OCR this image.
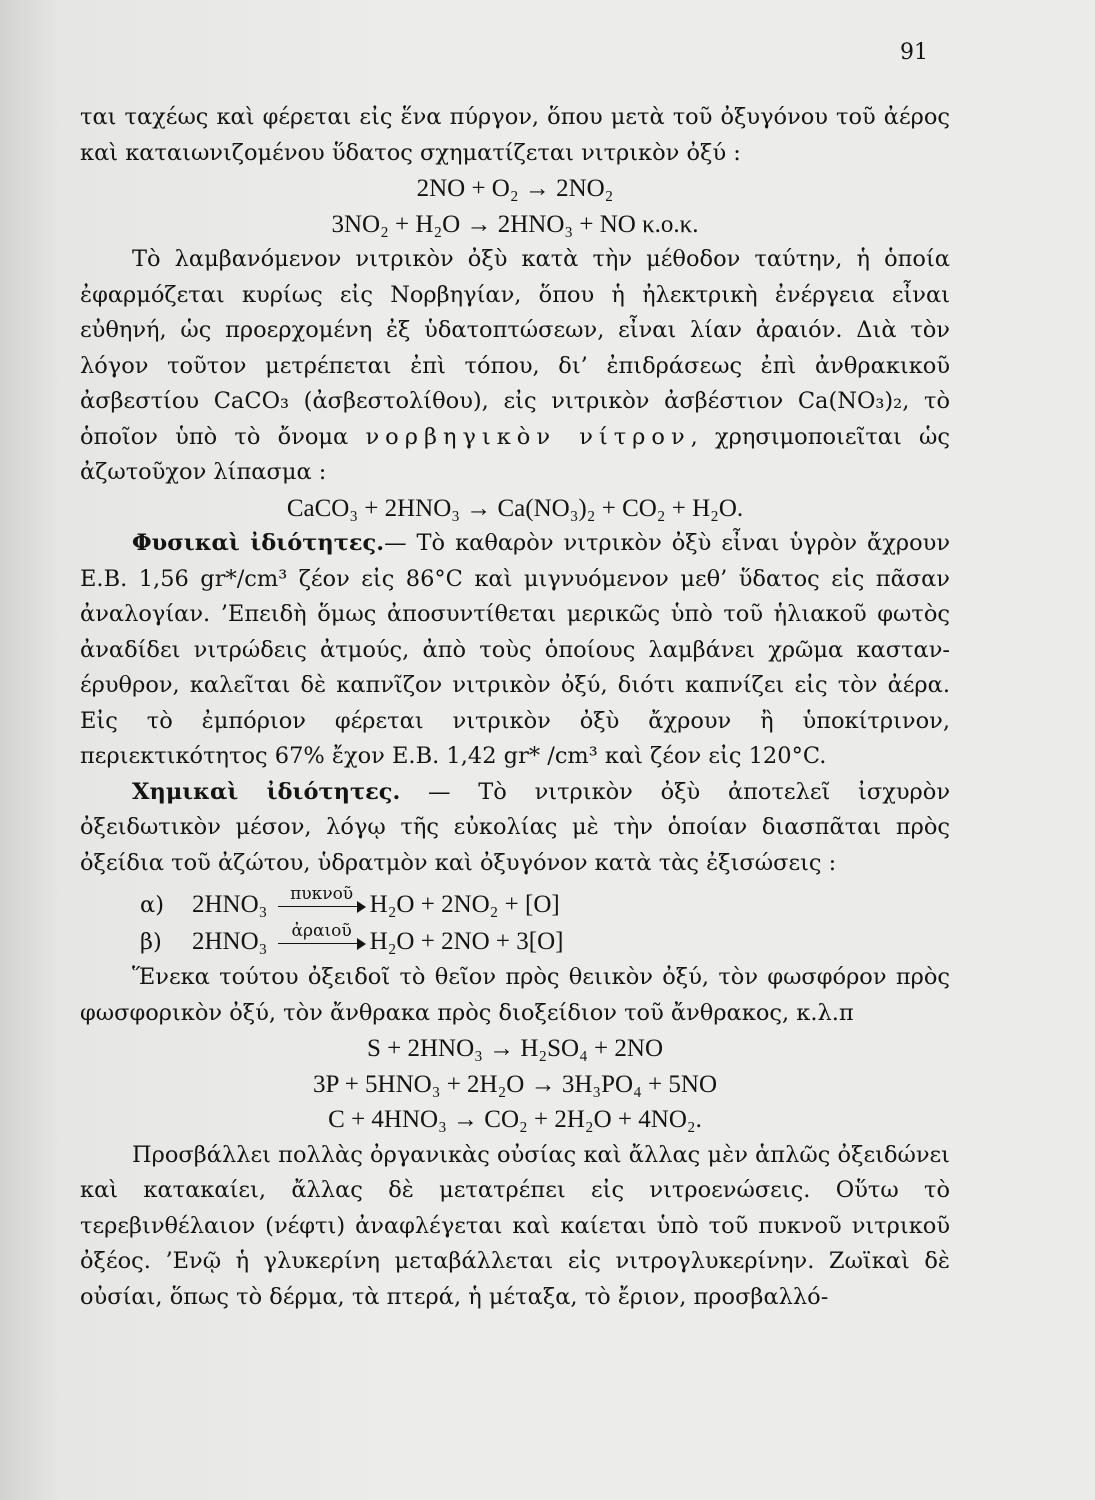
91

ται ταχέως καὶ φέρεται εἰς ἕνα πύργον, ὅπου μετὰ τοῦ ὀξυγόνου τοῦ ἀέρος καὶ καταιωνιζομένου ὕδατος σχηματίζεται νιτρικὸν ὀξύ :

2NO + O₂ → 2NO₂

3NO₂ + H₂O → 2HNO₃ + NO κ.ο.κ.

Τὸ λαμβανόμενον νιτρικὸν ὀξὺ κατὰ τὴν μέθοδον ταύτην, ἡ ὁποία ἐφαρμόζεται κυρίως εἰς Νορβηγίαν, ὅπου ἡ ἠλεκτρικὴ ἐνέργεια εἶναι εὐθηνή, ὡς προερχομένη ἐξ ὑδατοπτώσεων, εἶναι λίαν ἀραιόν. Διὰ τὸν λόγον τοῦτον μετρέπεται ἐπὶ τόπου, δι’ ἐπιδράσεως ἐπὶ ἀνθρακικοῦ ἀσβεστίου CaCO₃ (ἀσβεστολίθου), εἰς νιτρικὸν ἀσβέστιον Ca(NO₃)₂, τὸ ὁποῖον ὑπὸ τὸ ὄνομα νορβηγικὸν νίτρον, χρησιμοποιεῖται ὡς ἀζωτοῦχον λίπασμα :

CaCO₃ + 2HNO₃ → Ca(NO₃)₂ + CO₂ + H₂O.

Φυσικαὶ ἰδιότητες.— Τὸ καθαρὸν νιτρικὸν ὀξὺ εἶναι ὑγρὸν ἄχρουν Ε.Β. 1,56 gr*/cm³ ζέον εἰς 86°C καὶ μιγνυόμενον μεθ’ ὕδατος εἰς πᾶσαν ἀναλογίαν. ’Επειδὴ ὅμως ἀποσυντίθεται μερικῶς ὑπὸ τοῦ ἡλιακοῦ φωτὸς ἀναδίδει νιτρώδεις ἀτμούς, ἀπὸ τοὺς ὁποίους λαμβάνει χρῶμα καστανέρυθρον, καλεῖται δὲ καπνῖζον νιτρικὸν ὀξύ, διότι καπνίζει εἰς τὸν ἀέρα. Εἰς τὸ ἐμπόριον φέρεται νιτρικὸν ὀξὺ ἄχρουν ἢ ὑποκίτρινον, περιεκτικότητος 67% ἔχον Ε.Β. 1,42 gr* /cm³ καὶ ζέον εἰς 120°C.

Χημικαὶ ἰδιότητες. — Τὸ νιτρικὸν ὀξὺ ἀποτελεῖ ἰσχυρὸν ὀξειδωτικὸν μέσον, λόγῳ τῆς εὐκολίας μὲ τὴν ὁποίαν διασπᾶται πρὸς ὀξείδια τοῦ ἀζώτου, ὑδρατμὸν καὶ ὀξυγόνον κατὰ τὰς ἐξισώσεις :

α) 2HNO₃	πυκνοῦ H₂O + 2NO₂ + [O]

β) 2HNO₃	ἀραιοῦ H₂O + 2NO + 3[O]

Ἕνεκα τούτου ὀξειδοῖ τὸ θεῖον πρὸς θειικὸν ὀξύ, τὸν φωσφόρον πρὸς φωσφορικὸν ὀξύ, τὸν ἄνθρακα πρὸς διοξείδιον τοῦ ἄνθρακος, κ.λ.π

S + 2HNO₃ → H₂SO₄ + 2NO

3P + 5HNO₃ + 2H₂O → 3H₃PO₄ + 5NO

C + 4HNO₃ → CO₂ + 2H₂O + 4NO₂.

Προσβάλλει πολλὰς ὀργανικὰς οὐσίας καὶ ἄλλας μὲν ἁπλῶς ὀξειδώνει καὶ κατακαίει, ἄλλας δὲ μετατρέπει εἰς νιτροενώσεις. Οὕτω τὸ τερεβινθέλαιον (νέφτι) ἀναφλέγεται καὶ καίεται ὑπὸ τοῦ πυκνοῦ νιτρικοῦ ὀξέος. ’Ενῷ ἡ γλυκερίνη μεταβάλλεται εἰς νιτρογλυκερίνην. Ζωϊκαὶ δὲ οὐσίαι, ὅπως τὸ δέρμα, τὰ πτερά, ἡ μέταξα, τὸ ἔριον, προσβαλλό-
